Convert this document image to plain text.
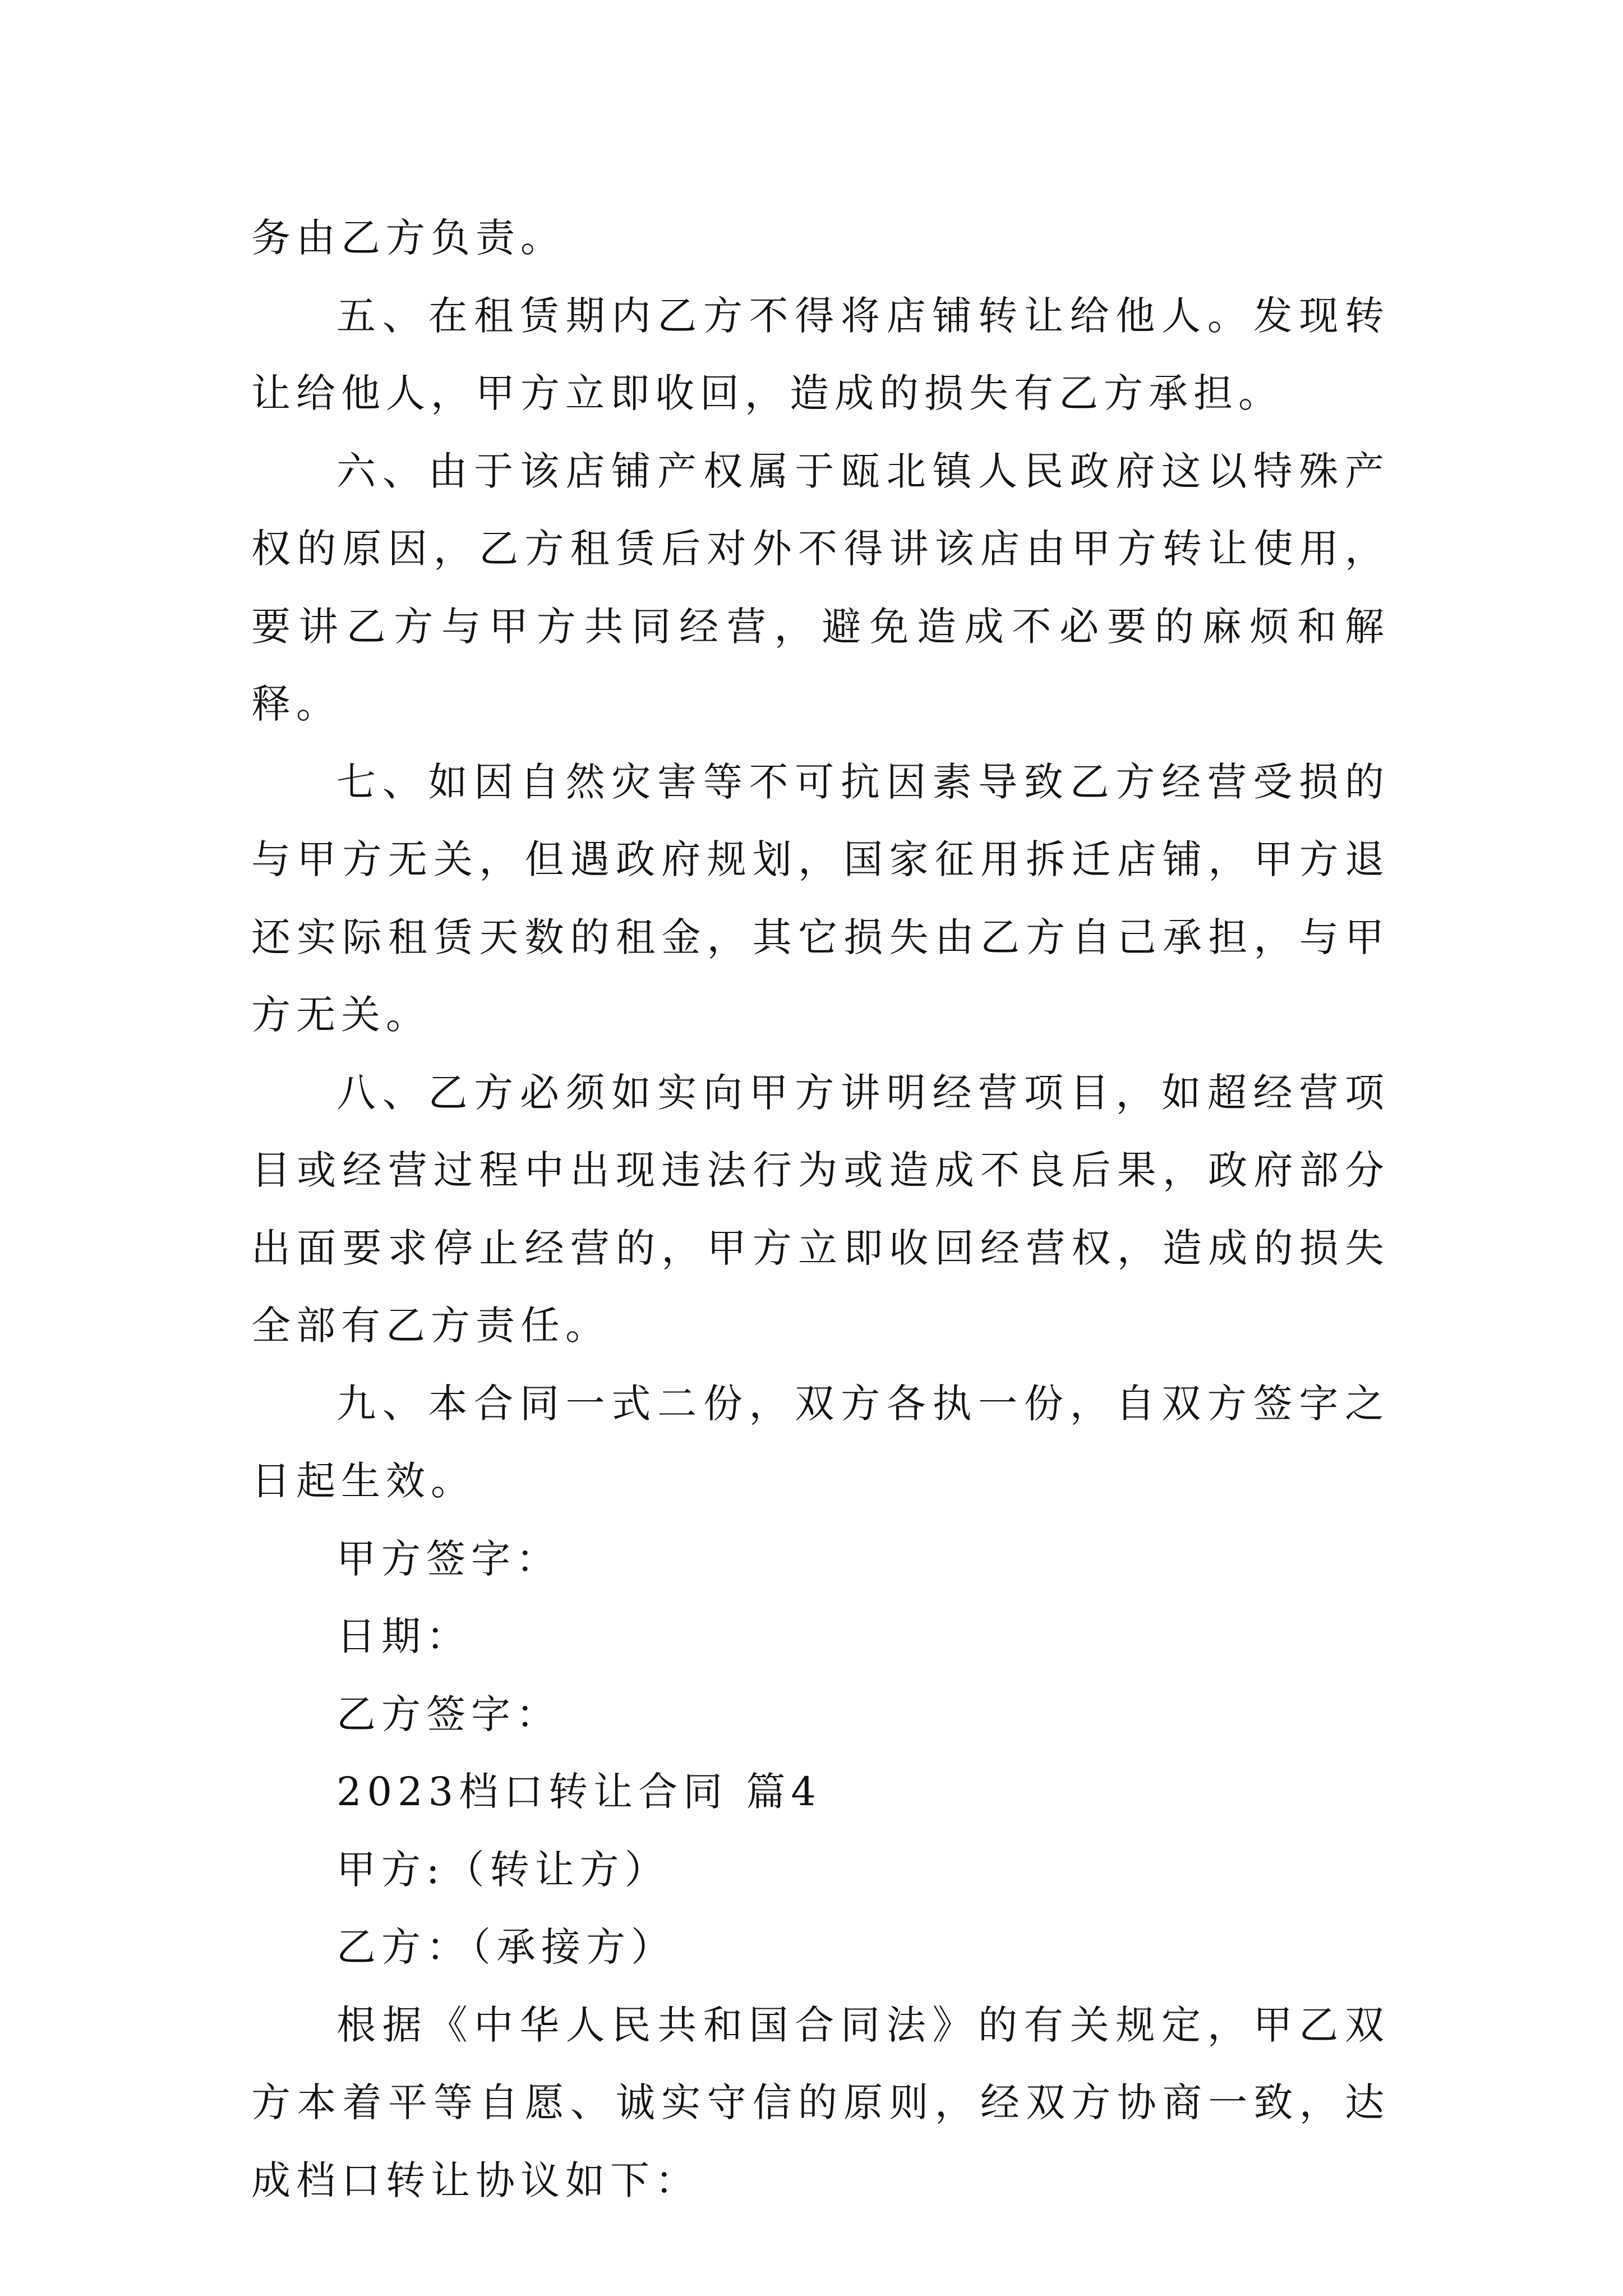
务由乙方负责。

五、在租赁期内乙方不得将店铺转让给他人。发现转让给他人，甲方立即收回，造成的损失有乙方承担。

六、由于该店铺产权属于瓯北镇人民政府这以特殊产权的原因，乙方租赁后对外不得讲该店由甲方转让使用，要讲乙方与甲方共同经营，避免造成不必要的麻烦和解释。

七、如因自然灾害等不可抗因素导致乙方经营受损的与甲方无关，但遇政府规划，国家征用拆迁店铺，甲方退还实际租赁天数的租金，其它损失由乙方自己承担，与甲方无关。

八、乙方必须如实向甲方讲明经营项目，如超经营项目或经营过程中出现违法行为或造成不良后果，政府部分出面要求停止经营的，甲方立即收回经营权，造成的损失全部有乙方责任。

九、本合同一式二份，双方各执一份，自双方签字之日起生效。

甲方签字：

日期：

乙方签字：

2023档口转让合同 篇4

甲方:（转让方）

乙方：（承接方）

根据《中华人民共和国合同法》的有关规定，甲乙双方本着平等自愿、诚实守信的原则，经双方协商一致，达成档口转让协议如下：
